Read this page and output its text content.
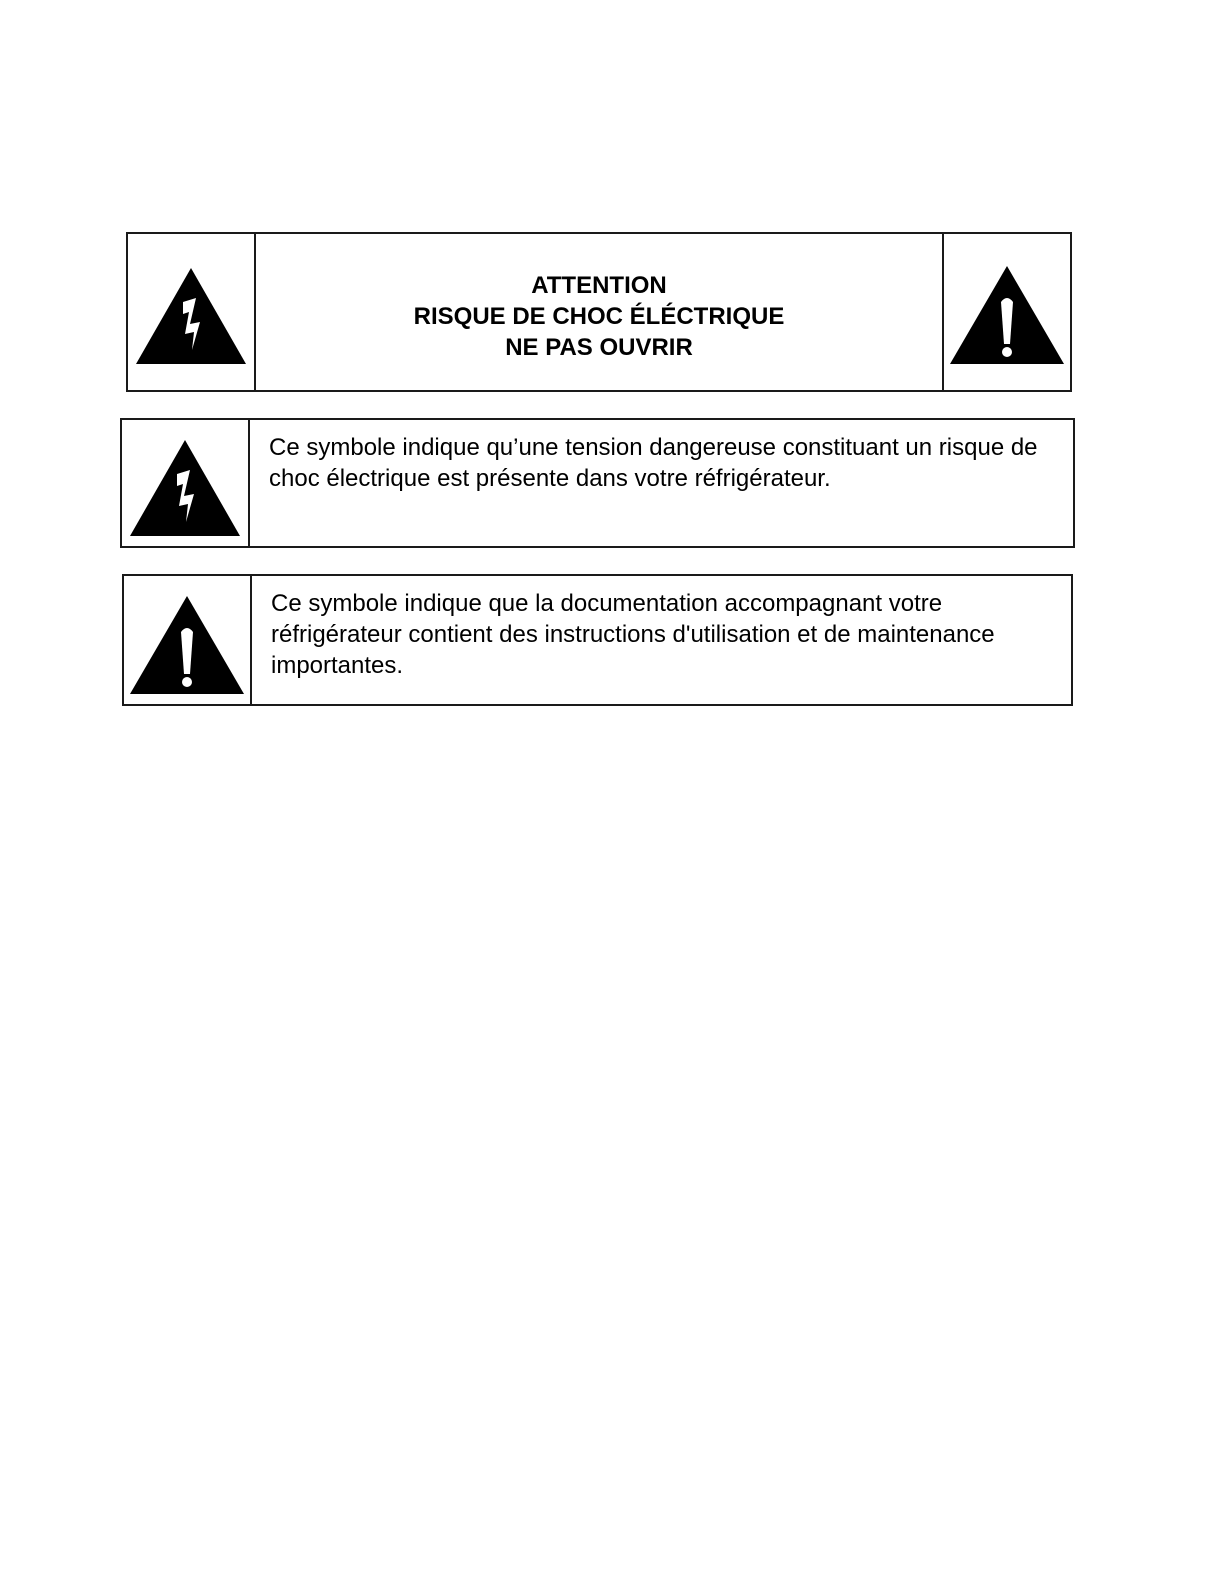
ATTENTION
RISQUE DE CHOC ÉLÉCTRIQUE
NE PAS OUVRIR
Ce symbole indique qu’une tension dangereuse constituant un risque de choc électrique est présente dans votre réfrigérateur.
Ce symbole indique que la documentation accompagnant votre réfrigérateur contient des instructions d'utilisation et de maintenance importantes.
